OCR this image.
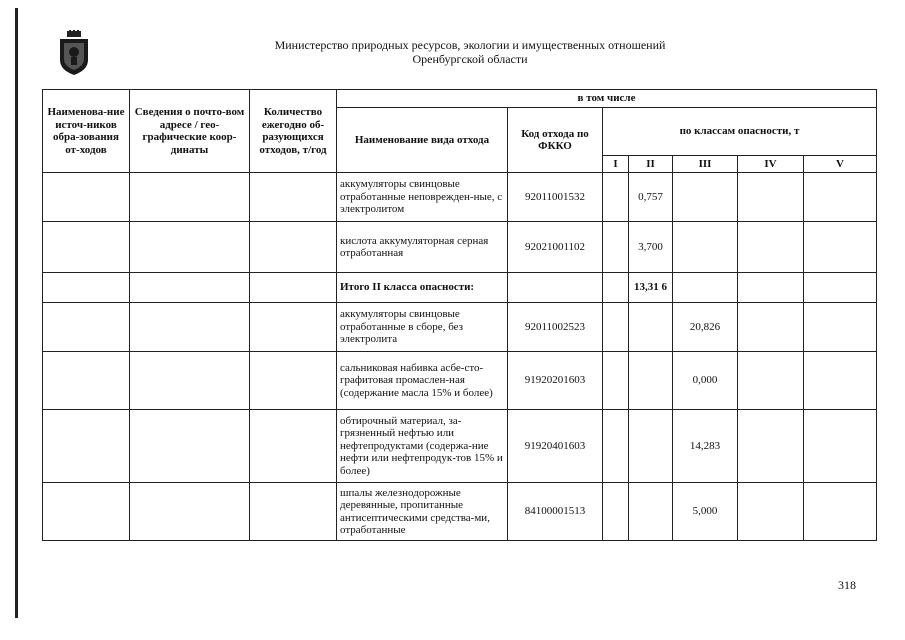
Министерство природных ресурсов, экологии и имущественных отношений
Оренбургской области
Наименова-ние источ-ников обра-зования от-ходов	Сведения о почто-вом адресе / гео-графические коор-динаты	Количество ежегодно об-разующихся отходов, т/год	в том числе						
			Наименование вида отхода	Код отхода по ФККО	по классам опасности, т				
					I	II	III	IV	V
			аккумуляторы свинцовые отработанные неповрежден-ные, с электролитом	92011001532		0,757			
			кислота аккумуляторная серная отработанная	92021001102		3,700			
			Итого II класса опасности:			13,31 6			
			аккумуляторы свинцовые отработанные в сборе, без электролита	92011002523			20,826		
			сальниковая набивка асбе-сто-графитовая промаслен-ная (содержание масла 15% и более)	91920201603			0,000		
			обтирочный материал, за-грязненный нефтью или нефтепродуктами (содержа-ние нефти или нефтепродук-тов 15% и более)	91920401603			14,283		
			шпалы железнодорожные деревянные, пропитанные антисептическими средства-ми, отработанные	84100001513			5,000		
318
